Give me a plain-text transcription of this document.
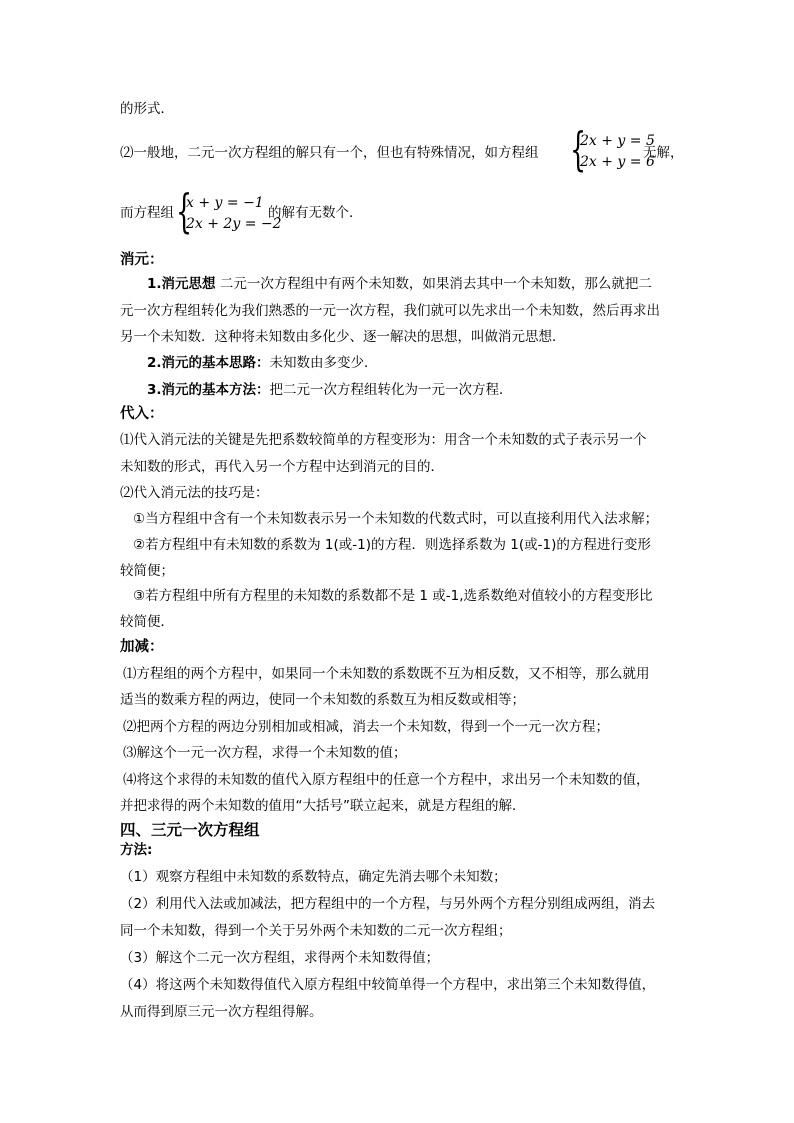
的形式．
⑵一般地，二元一次方程组的解只有一个，但也有特殊情况，如方程组 {
2x + y = 5
2x + y = 6
无解，
而方程组 {
x + y = −1
2x + 2y = −2
的解有无数个．
消元：
1.消元思想 二元一次方程组中有两个未知数，如果消去其中一个未知数，那么就把二
元一次方程组转化为我们熟悉的一元一次方程，我们就可以先求出一个未知数，然后再求出
另一个未知数．这种将未知数由多化少、逐一解决的思想，叫做消元思想．
2.消元的基本思路：未知数由多变少．
3.消元的基本方法：把二元一次方程组转化为一元一次方程．
代入：
⑴代入消元法的关键是先把系数较简单的方程变形为：用含一个未知数的式子表示另一个
未知数的形式，再代入另一个方程中达到消元的目的．
⑵代入消元法的技巧是：
①当方程组中含有一个未知数表示另一个未知数的代数式时，可以直接利用代入法求解；
②若方程组中有未知数的系数为 1(或-1)的方程．则选择系数为 1(或-1)的方程进行变形
较简便；
③若方程组中所有方程里的未知数的系数都不是 1 或-1,选系数绝对值较小的方程变形比
较简便．
加减：
⑴方程组的两个方程中，如果同一个未知数的系数既不互为相反数，又不相等，那么就用
适当的数乘方程的两边，使同一个未知数的系数互为相反数或相等；
⑵把两个方程的两边分别相加或相减，消去一个未知数，得到一个一元一次方程；
⑶解这个一元一次方程，求得一个未知数的值；
⑷将这个求得的未知数的值代入原方程组中的任意一个方程中，求出另一个未知数的值，
并把求得的两个未知数的值用“大括号”联立起来，就是方程组的解．
四、三元一次方程组
方法:
（1）观察方程组中未知数的系数特点，确定先消去哪个未知数；
（2）利用代入法或加减法，把方程组中的一个方程，与另外两个方程分别组成两组，消去
同一个未知数，得到一个关于另外两个未知数的二元一次方程组；
（3）解这个二元一次方程组，求得两个未知数得值；
（4）将这两个未知数得值代入原方程组中较简单得一个方程中，求出第三个未知数得值，
从而得到原三元一次方程组得解。
